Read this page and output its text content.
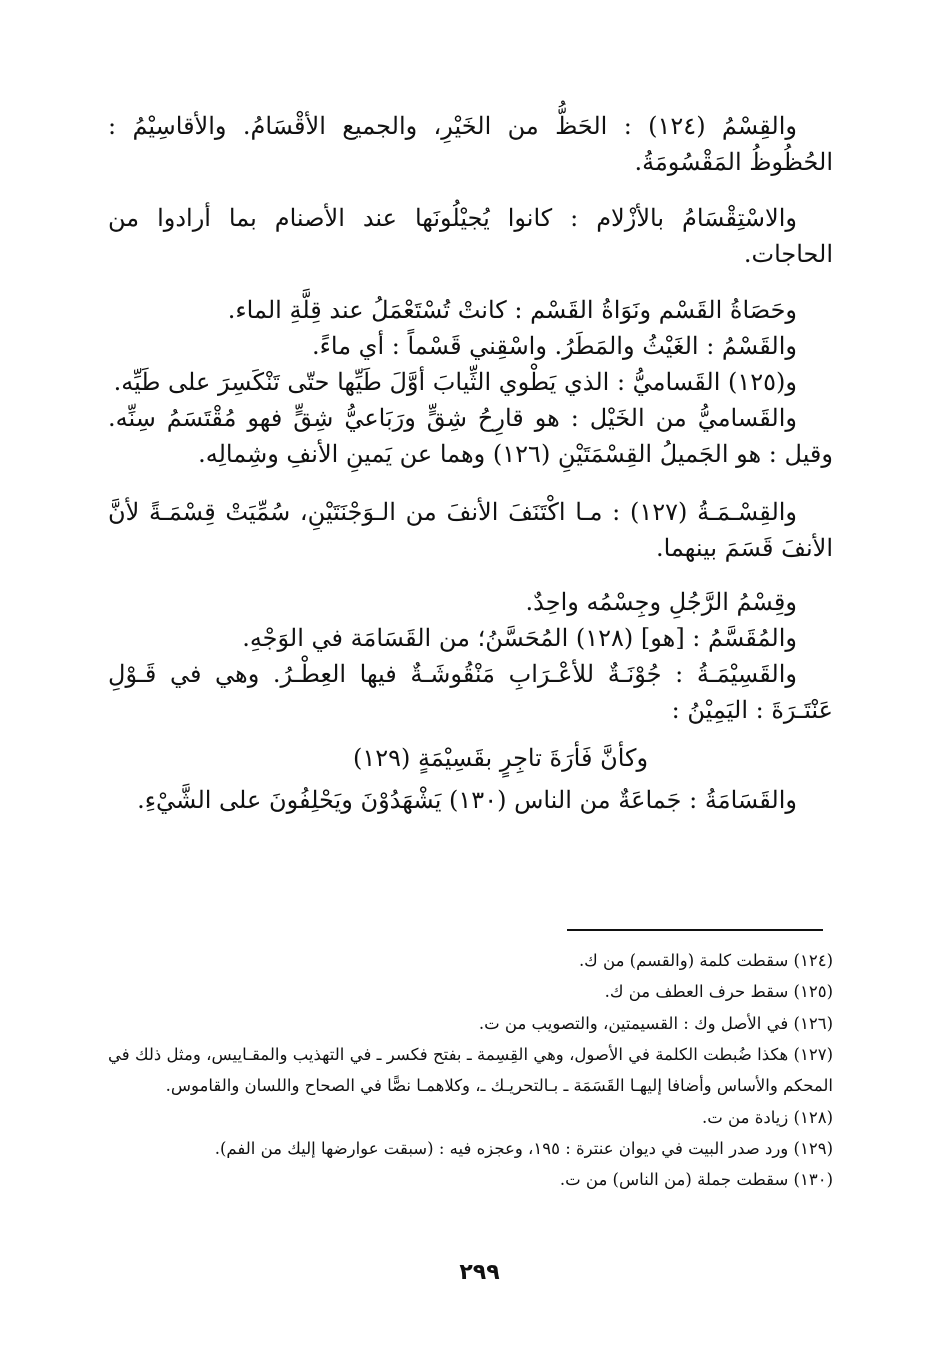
والقِسْمُ (١٢٤) : الحَظُّ من الخَيْرِ، والجميع الأقْسَامُ. والأقاسِيْمُ : الحُظُوظُ المَقْسُومَةُ.

والاسْتِقْسَامُ بالأزْلام : كانوا يُجيْلُونَها عند الأصنام بما أرادوا من الحاجات.

وحَصَاةُ القَسْم ونَوَاةُ القَسْم : كانتْ تُسْتَعْمَلُ عند قِلَّةِ الماء.

والقَسْمُ : الغَيْثُ والمَطَرُ. واسْقِني قَسْماً : أي ماءً.

و(١٢٥) القَساميُّ : الذي يَطْوي الثِّيابَ أوَّلَ طَيِّها حتّى تَنْكَسِرَ على طَيِّه.

والقَساميُّ من الخَيْل : هو قارِحُ شِقٍّ ورَبَاعيُّ شِقٍّ فهو مُقْتَسَمُ سِنِّه. وقيل : هو الجَميلُ القِسْمَتَيْنِ (١٢٦) وهما عن يَمينِ الأنفِ وشِمالِه.

والقِسْـمَـةُ (١٢٧) : مـا اكْتَنَفَ الأنفَ من الـوَجْنَتَيْنِ، سُمِّيَتْ قِسْمَـةً لأنَّ الأنفَ قَسَمَ بينهما.

وقِسْمُ الرَّجُلِ وجِسْمُه واحِدٌ.

والمُقَسَّمُ : [هو] (١٢٨) المُحَسَّنُ؛ من القَسَامَة في الوَجْهِ.

والقَسِيْمَـةُ : جُوْنَـةٌ للأعْـرَابِ مَنْقُوشَـةٌ فيها العِطْـرُ. وهي في قَـوْلِ عَنْتَـرَةَ : اليَمِيْنُ :

وكأنَّ فَأرَةَ تاجِرٍ بقَسِيْمَةٍ (١٢٩)

والقَسَامَةُ : جَماعَةٌ من الناس (١٣٠) يَشْهَدُوْنَ ويَحْلِفُونَ على الشَّيْءِ.

(١٢٤) سقطت كلمة (والقسم) من ك.

(١٢٥) سقط حرف العطف من ك.

(١٢٦) في الأصل وك : القسيمتين، والتصويب من ت.

(١٢٧) هكذا ضُبطت الكلمة في الأصول، وهي القِسِمة ـ بفتح فكسر ـ في التهذيب والمقـاييس، ومثل ذلك في المحكم والأساس وأضافا إليهـا القَسَمَة ـ بـالتحريـك ـ، وكلاهمـا نصًّا في الصحاح واللسان والقاموس.

(١٢٨) زيادة من ت.

(١٢٩) ورد صدر البيت في ديوان عنترة : ١٩٥، وعجزه فيه : (سبقت عوارضها إليك من الفم).

(١٣٠) سقطت جملة (من الناس) من ت.

٢٩٩
